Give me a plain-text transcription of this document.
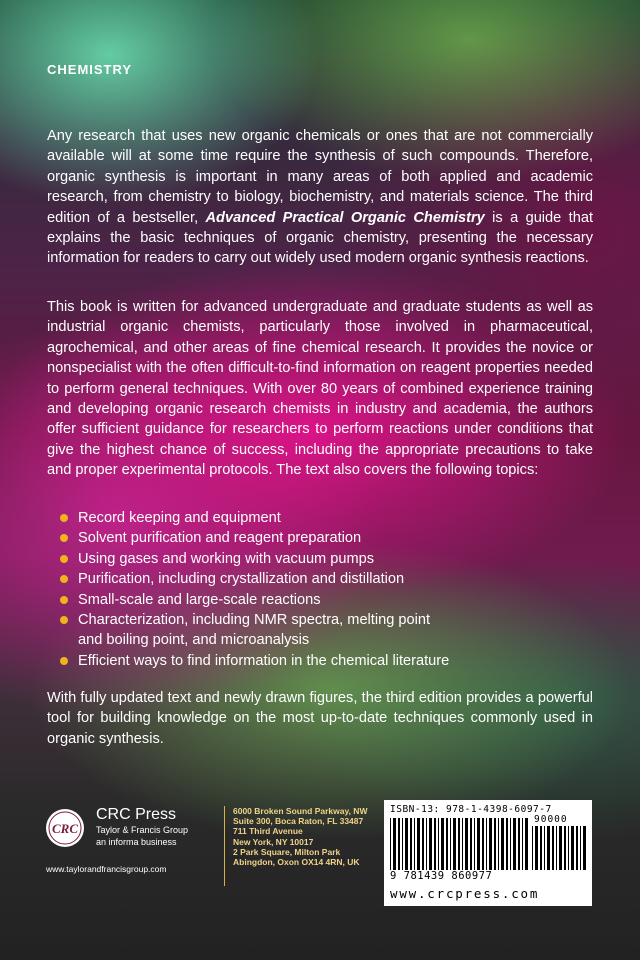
CHEMISTRY

Any research that uses new organic chemicals or ones that are not commercially available will at some time require the synthesis of such compounds. Therefore, organic synthesis is important in many areas of both applied and academic research, from chemistry to biology, biochemistry, and materials science. The third edition of a bestseller, Advanced Practical Organic Chemistry is a guide that explains the basic techniques of organic chemistry, presenting the necessary information for readers to carry out widely used modern organic synthesis reactions.

This book is written for advanced undergraduate and graduate students as well as industrial organic chemists, particularly those involved in pharmaceutical, agrochemical, and other areas of fine chemical research. It provides the novice or nonspecialist with the often difficult-to-find information on reagent properties needed to perform general techniques. With over 80 years of combined experience training and developing organic research chemists in industry and academia, the authors offer sufficient guidance for researchers to perform reactions under conditions that give the highest chance of success, including the appropriate precautions to take and proper experimental protocols. The text also covers the following topics:

Record keeping and equipment
Solvent purification and reagent preparation
Using gases and working with vacuum pumps
Purification, including crystallization and distillation
Small-scale and large-scale reactions
Characterization, including NMR spectra, melting point and boiling point, and microanalysis
Efficient ways to find information in the chemical literature

With fully updated text and newly drawn figures, the third edition provides a powerful tool for building knowledge on the most up-to-date techniques commonly used in organic synthesis.

CRC
CRC Press
Taylor & Francis Group
an informa business
www.taylorandfrancisgroup.com
6000 Broken Sound Parkway, NW
Suite 300, Boca Raton, FL 33487
711 Third Avenue
New York, NY 10017
2 Park Square, Milton Park
Abingdon, Oxon OX14 4RN, UK
ISBN-13: 978-1-4398-6097-7
90000
9 781439 860977
www.crcpress.com
